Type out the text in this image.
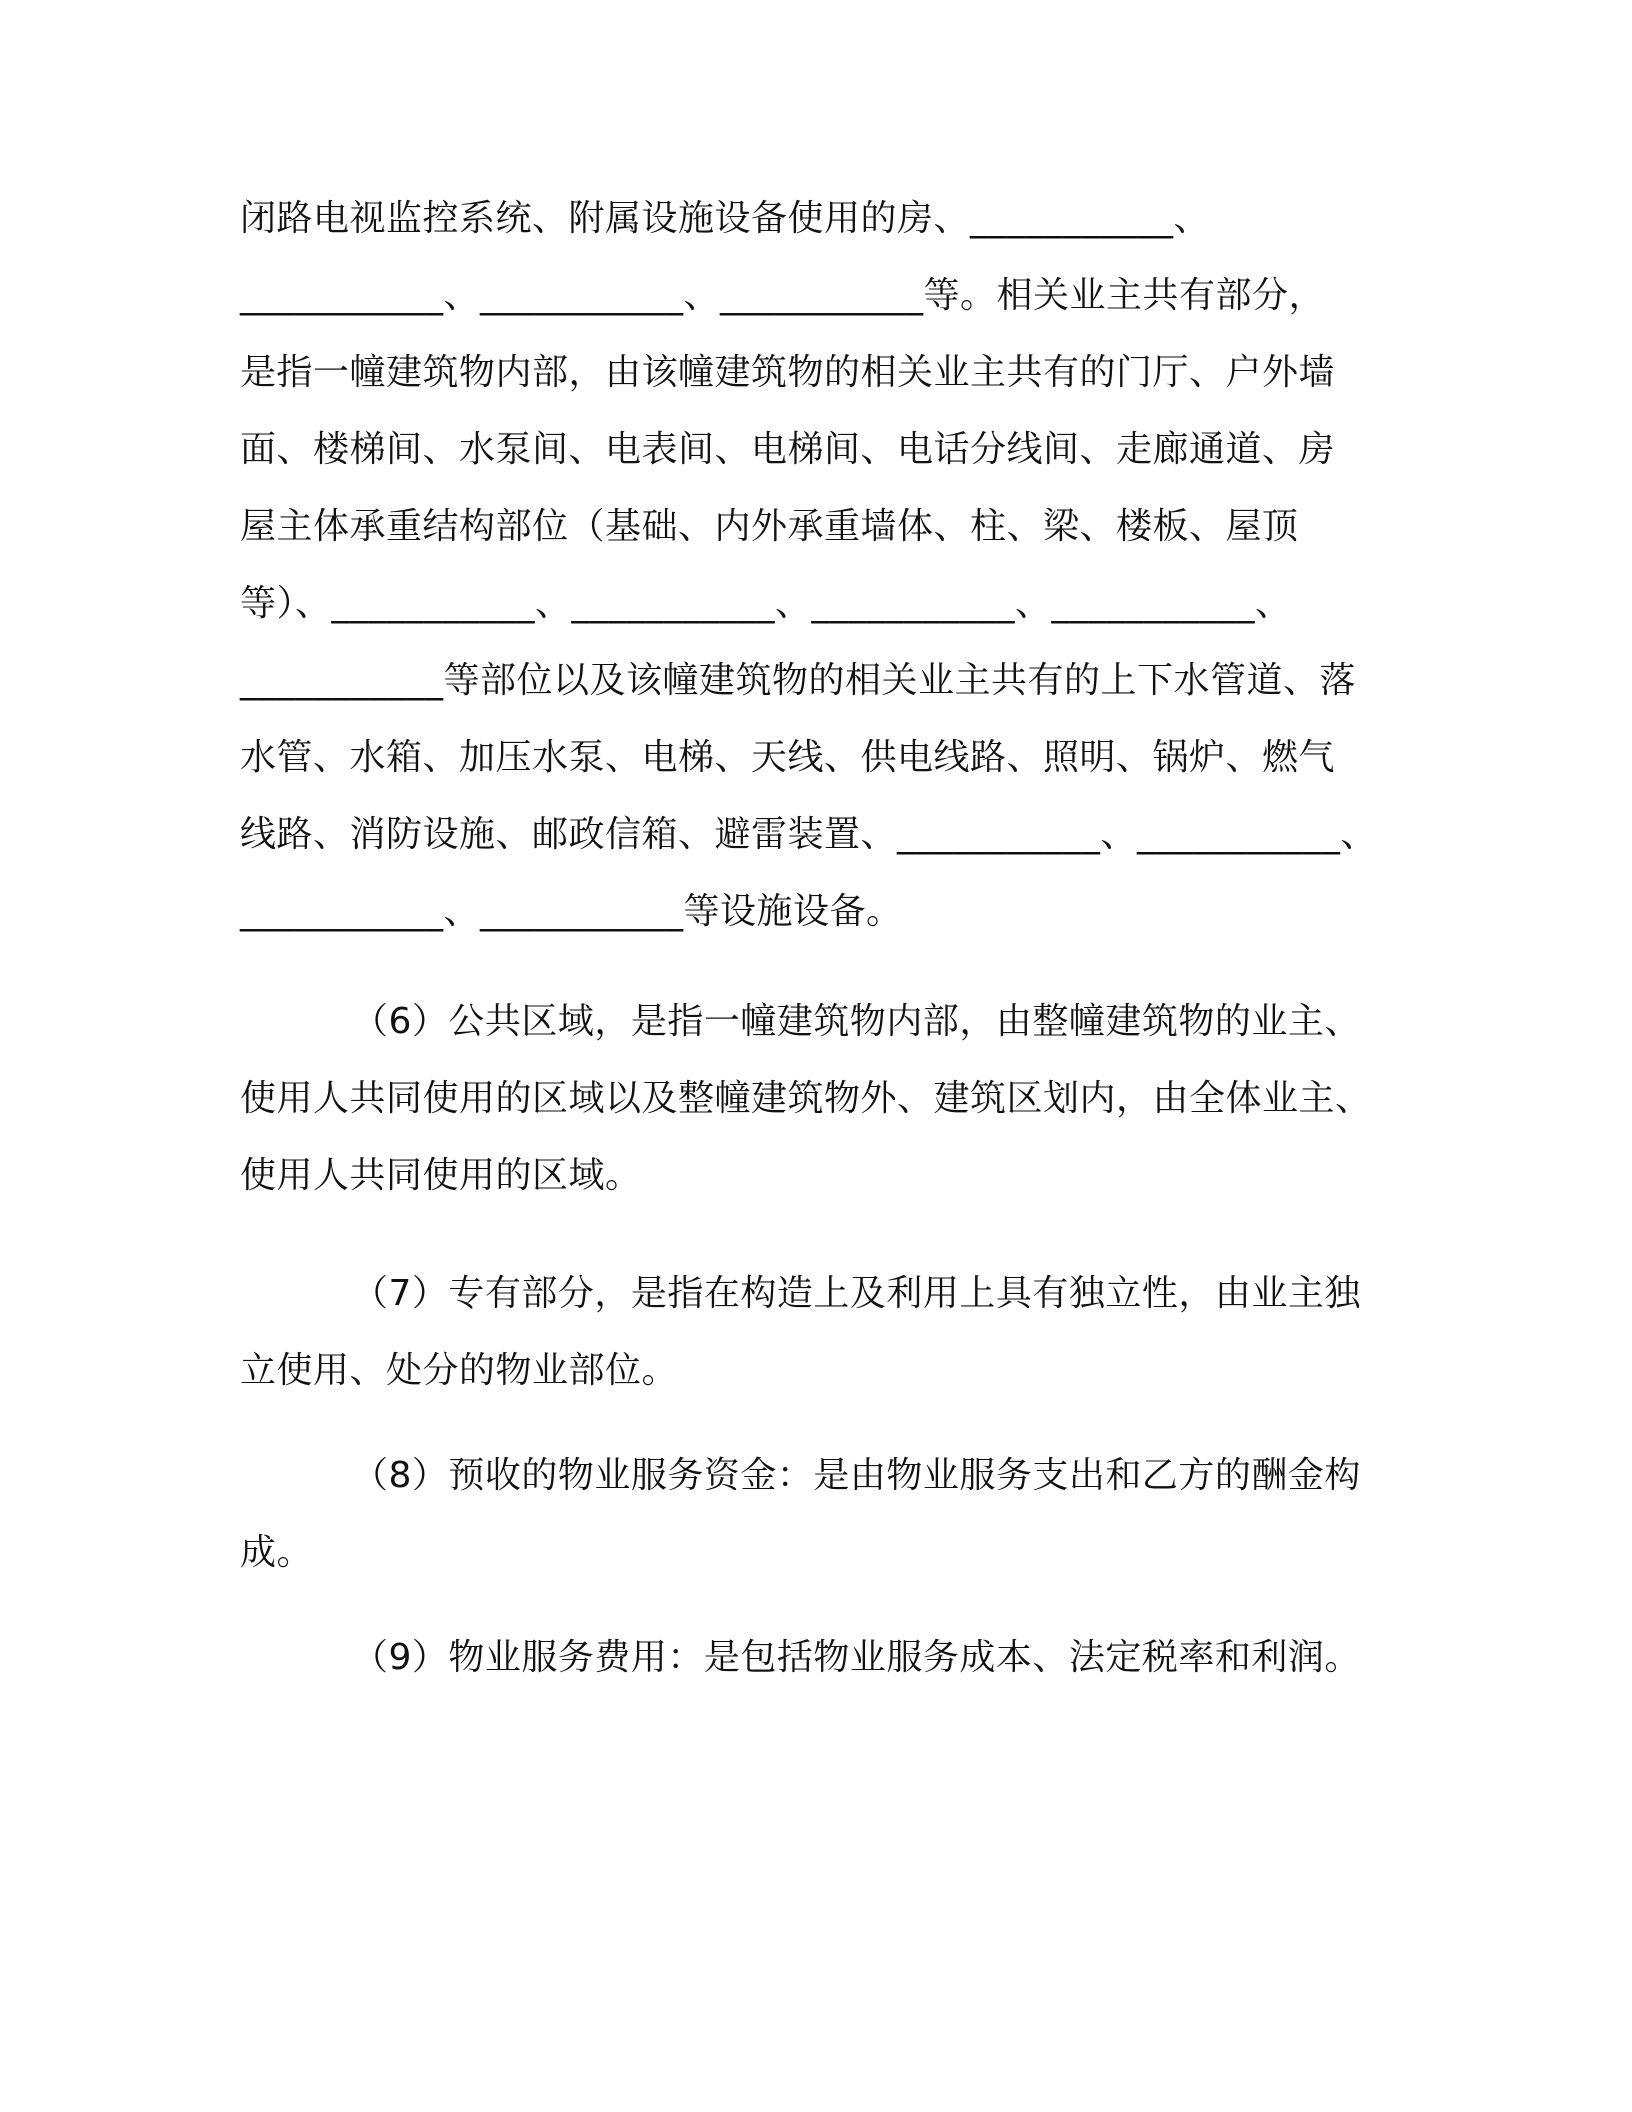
闭路电视监控系统、附属设施设备使用的房、___________、
___________、___________、___________等。相关业主共有部分，
是指一幢建筑物内部，由该幢建筑物的相关业主共有的门厅、户外墙
面、楼梯间、水泵间、电表间、电梯间、电话分线间、走廊通道、房
屋主体承重结构部位（基础、内外承重墙体、柱、梁、楼板、屋顶
等）、___________、___________、___________、___________、
___________等部位以及该幢建筑物的相关业主共有的上下水管道、落
水管、水箱、加压水泵、电梯、天线、供电线路、照明、锅炉、燃气
线路、消防设施、邮政信箱、避雷装置、___________、___________、
___________、___________等设施设备。
（6）公共区域，是指一幢建筑物内部，由整幢建筑物的业主、
使用人共同使用的区域以及整幢建筑物外、建筑区划内，由全体业主、
使用人共同使用的区域。
（7）专有部分，是指在构造上及利用上具有独立性，由业主独
立使用、处分的物业部位。
（8）预收的物业服务资金：是由物业服务支出和乙方的酬金构
成。
（9）物业服务费用：是包括物业服务成本、法定税率和利润。
